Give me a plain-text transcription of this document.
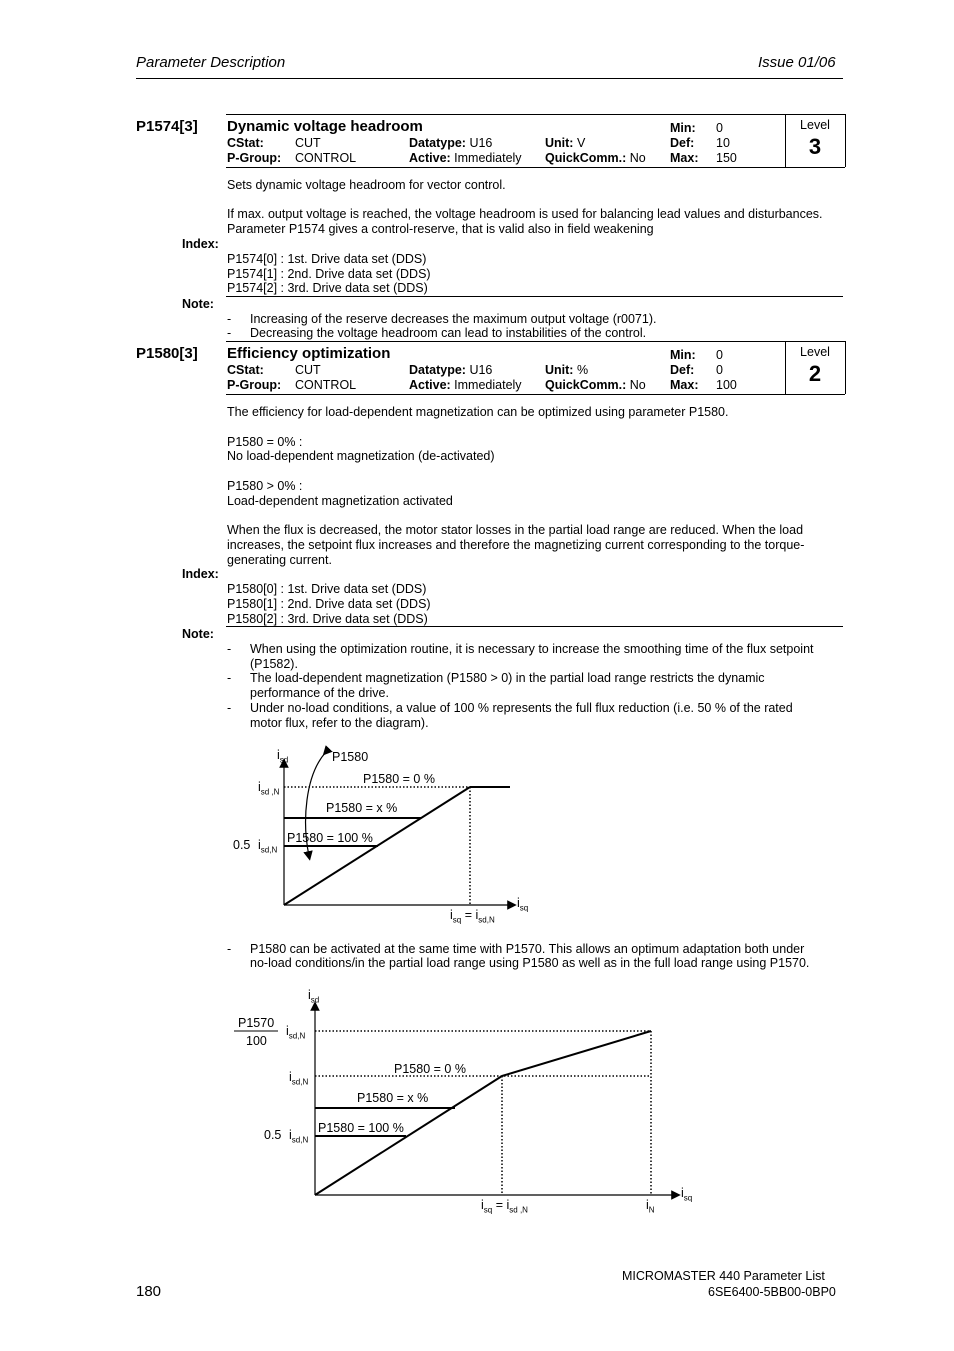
Parameter Description	Issue 01/06
P1574[3] Dynamic voltage headroom	Min: 0
CStat: CUT	Datatype: U16	Unit: V	Def: 10
P-Group: CONTROL	Active: Immediately QuickComm.: No Max: 150
Level
3
Sets dynamic voltage headroom for vector control.
If max. output voltage is reached, the voltage headroom is used for balancing lead values and disturbances.
Parameter P1574 gives a control-reserve, that is valid also in field weakening
Index:
P1574[0] : 1st. Drive data set (DDS)
P1574[1] : 2nd. Drive data set (DDS)
P1574[2] : 3rd. Drive data set (DDS)
Note:
- Increasing of the reserve decreases the maximum output voltage (r0071).
- Decreasing the voltage headroom can lead to instabilities of the control.
P1580[3] Efficiency optimization	Min: 0
CStat: CUT	Datatype: U16	Unit: %	Def: 0
P-Group: CONTROL	Active: Immediately QuickComm.: No Max: 100
Level
2
The efficiency for load-dependent magnetization can be optimized using parameter P1580.
P1580 = 0% :
No load-dependent magnetization (de-activated)
P1580 > 0% :
Load-dependent magnetization activated
When the flux is decreased, the motor stator losses in the partial load range are reduced. When the load
increases, the setpoint flux increases and therefore the magnetizing current corresponding to the torque-
generating current.
Index:
P1580[0] : 1st. Drive data set (DDS)
P1580[1] : 2nd. Drive data set (DDS)
P1580[2] : 3rd. Drive data set (DDS)
Note:
- When using the optimization routine, it is necessary to increase the smoothing time of the flux setpoint
(P1582).
- The load-dependent magnetization (P1580 > 0) in the partial load range restricts the dynamic
performance of the drive.
- Under no-load conditions, a value of 100 % represents the full flux reduction (i.e. 50 % of the rated
motor flux, refer to the diagram).
$i_{sd}$	P1580
P1580 = 0 %
P1580 = x %
P1580 = 100 %
$i_{sd ,N}$
0.5 $i_{sd,N}$
$i_{sq}$
$i_{sq} = i_{sd,N}$
- P1580 can be activated at the same time with P1570. This allows an optimum adaptation both under
no-load conditions/in the partial load range using P1580 as well as in the full load range using P1570.
$i_{sd}$
P1570
100
$i_{sd,N}$
P1580 = 0 %
$i_{sd,N}$
P1580 = x %
P1580 = 100 %
0.5 $i_{sd,N}$
$i_{sq}$
$i_{sq} = i_{sd ,N}$	$i_N$
180
MICROMASTER 440 Parameter List
6SE6400-5BB00-0BP0
